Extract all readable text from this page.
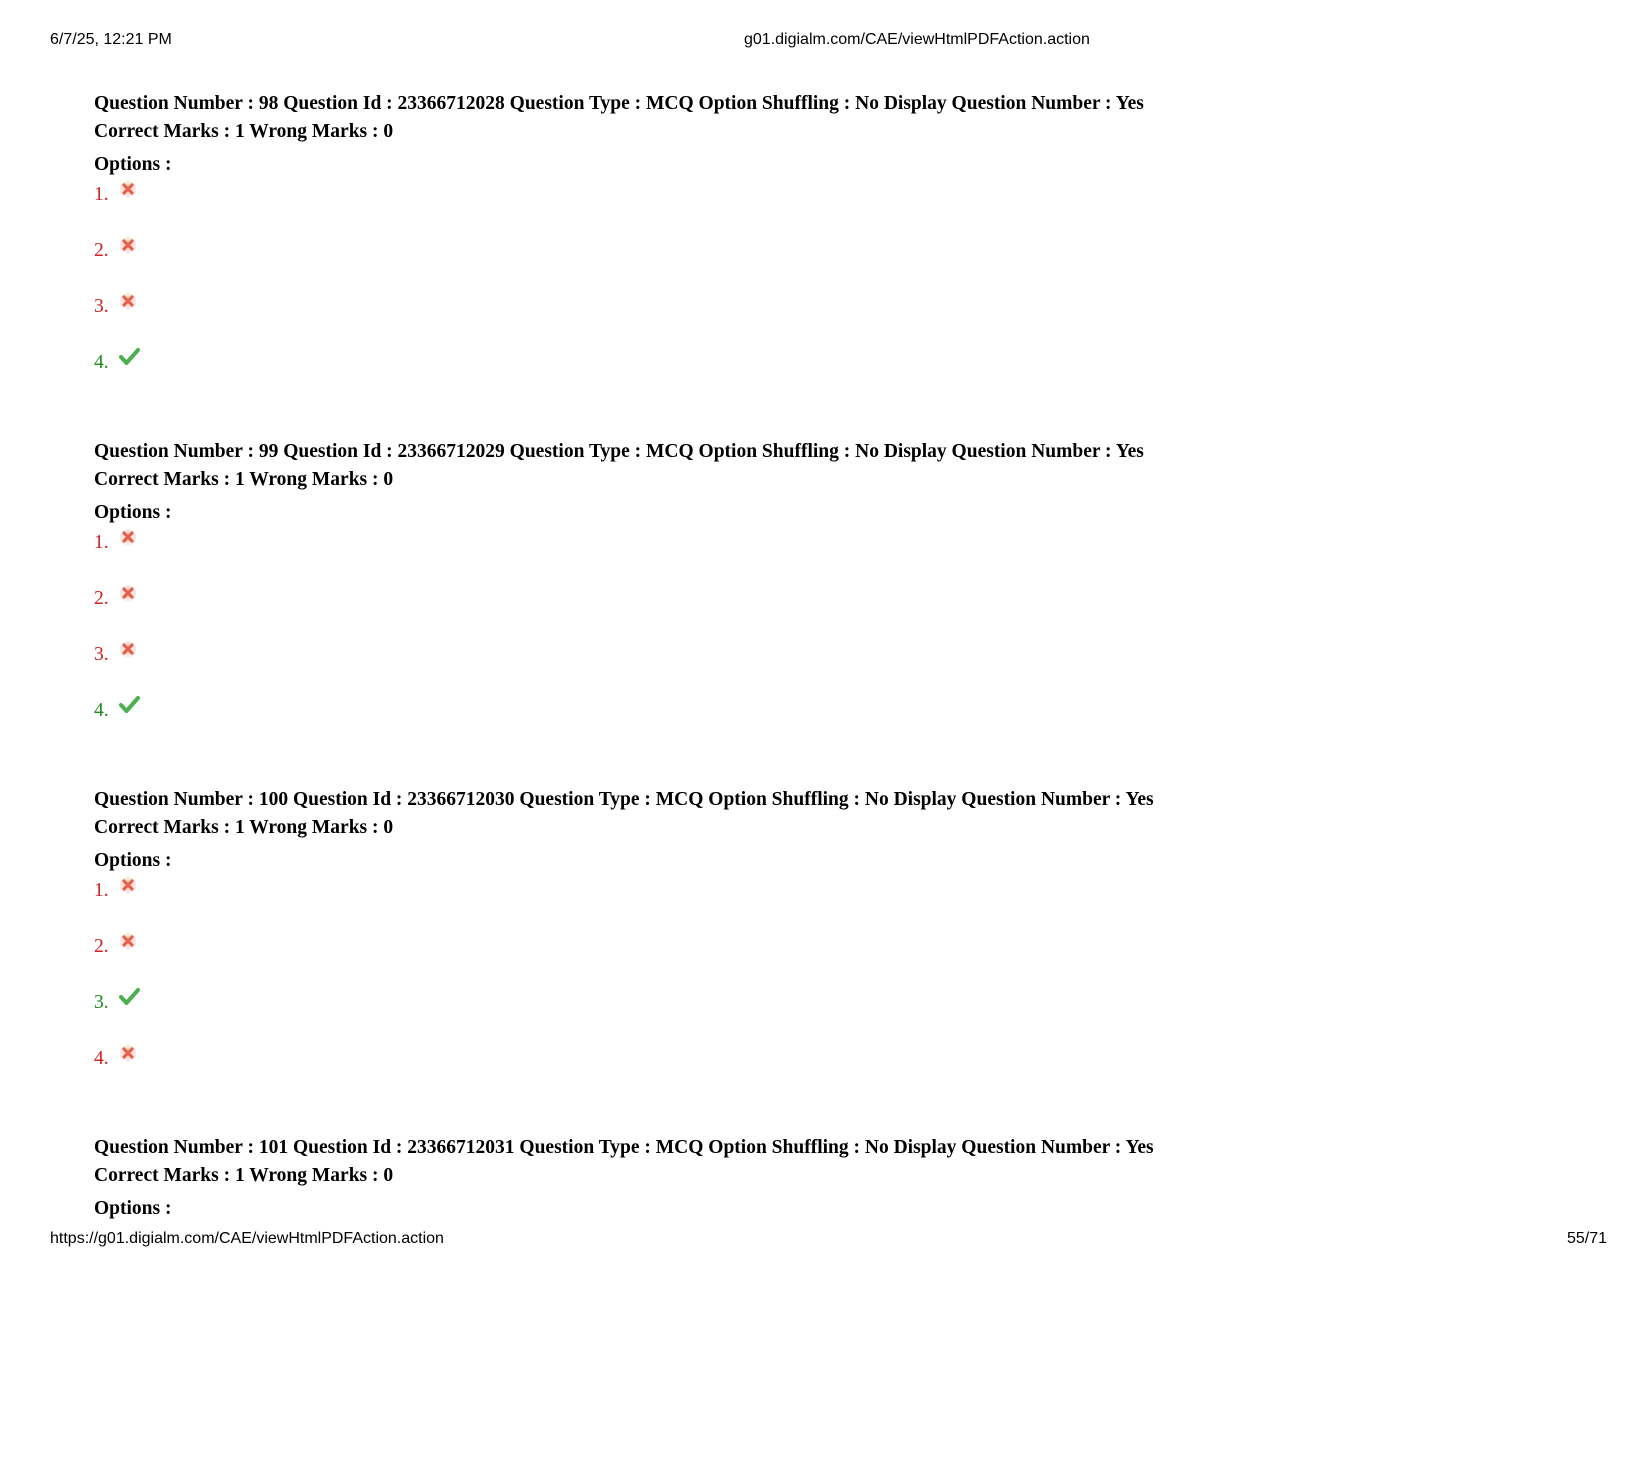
6/7/25, 12:21 PM	g01.digialm.com/CAE/viewHtmlPDFAction.action
Question Number : 98 Question Id : 23366712028 Question Type : MCQ Option Shuffling : No Display Question Number : Yes
Correct Marks : 1 Wrong Marks : 0
Options :
1.
2.
3.
4.
Question Number : 99 Question Id : 23366712029 Question Type : MCQ Option Shuffling : No Display Question Number : Yes
Correct Marks : 1 Wrong Marks : 0
Options :
1.
2.
3.
4.
Question Number : 100 Question Id : 23366712030 Question Type : MCQ Option Shuffling : No Display Question Number : Yes
Correct Marks : 1 Wrong Marks : 0
Options :
1.
2.
3.
4.
Question Number : 101 Question Id : 23366712031 Question Type : MCQ Option Shuffling : No Display Question Number : Yes
Correct Marks : 1 Wrong Marks : 0
Options :
https://g01.digialm.com/CAE/viewHtmlPDFAction.action	55/71
